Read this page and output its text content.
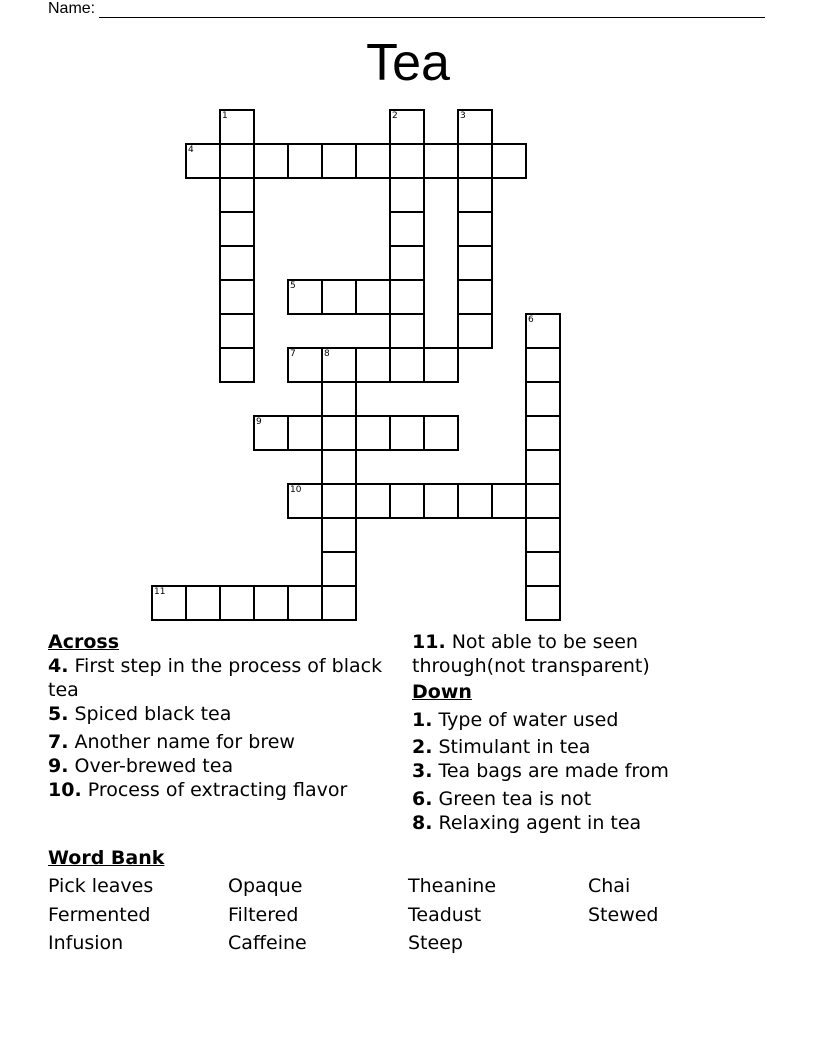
Name:
Tea
1	2	3
4
5
6
7	8
9
10
11
Across

4. First step in the process of black tea

5. Spiced black tea

7. Another name for brew

9. Over-brewed tea

10. Process of extracting flavor

11. Not able to be seen through(not transparent)

Down

1. Type of water used

2. Stimulant in tea

3. Tea bags are made from

6. Green tea is not

8. Relaxing agent in tea

Word Bank
Pick leaves	Opaque	Theanine	Chai
Fermented	Filtered	Teadust	Stewed
Infusion	Caffeine	Steep
